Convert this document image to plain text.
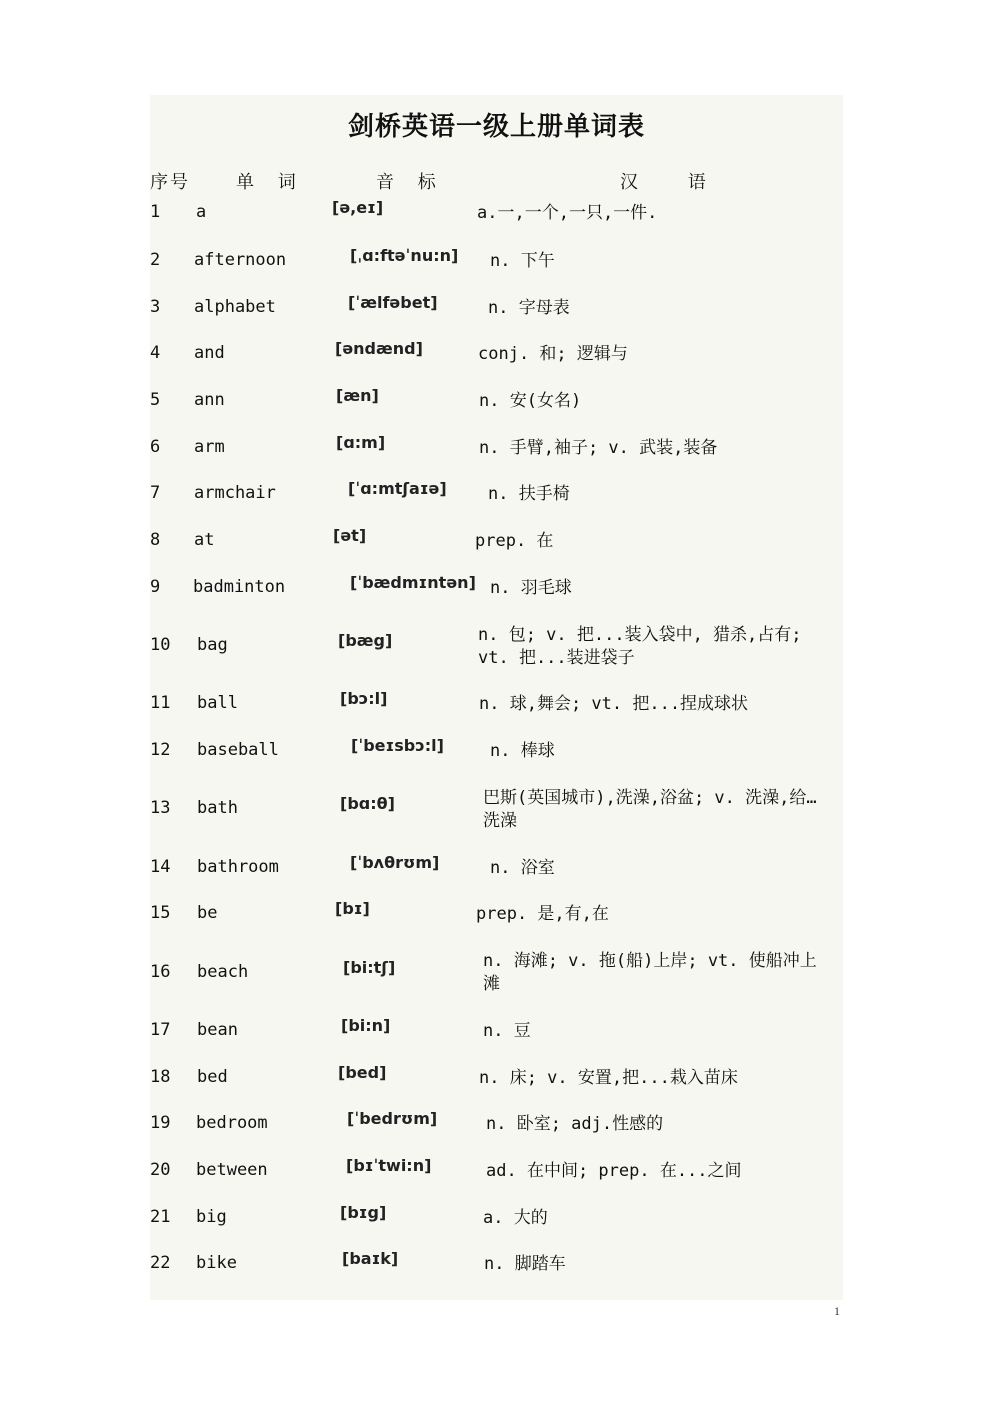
剑桥英语一级上册单词表
序号	单 词	音 标	汉 语
1 a	[ə,eɪ]	a.一,一个,一只,一件.
2 afternoon	[ˌɑ:ftəˈnu:n] n. 下午
3 alphabet	[ˈælfəbet]	n. 字母表
4 and	[əndænd]	conj. 和; 逻辑与
5 ann	[æn]	n. 安(女名)
6 arm	[ɑ:m]	n. 手臂,袖子; v. 武装,装备
7 armchair	[ˈɑ:mtʃaɪə] n. 扶手椅
8 at	[ət]	prep. 在
9 badminton	[ˈbædmɪntən] n. 羽毛球
10 bag	[bæg]	n. 包; v. 把...装入袋中, 猎杀,占有; vt. 把...装进袋子
11 ball	[bɔ:l]	n. 球,舞会; vt. 把...捏成球状
12 baseball	[ˈbeɪsbɔ:l]	n. 棒球
13 bath	[bɑ:θ]	巴斯(英国城市),洗澡,浴盆; v. 洗澡,给…洗澡
14 bathroom	[ˈbʌθrʊm]	n. 浴室
15 be	[bɪ]	prep. 是,有,在
16 beach	[bi:tʃ]	n. 海滩; v. 拖(船)上岸; vt. 使船冲上滩
17 bean	[bi:n]	n. 豆
18 bed	[bed]	n. 床; v. 安置,把...栽入苗床
19 bedroom	[ˈbedrʊm]	n. 卧室; adj.性感的
20 between	[bɪˈtwi:n]	ad. 在中间; prep. 在...之间
21 big	[bɪg]	a. 大的
22 bike	[baɪk]	n. 脚踏车
1
